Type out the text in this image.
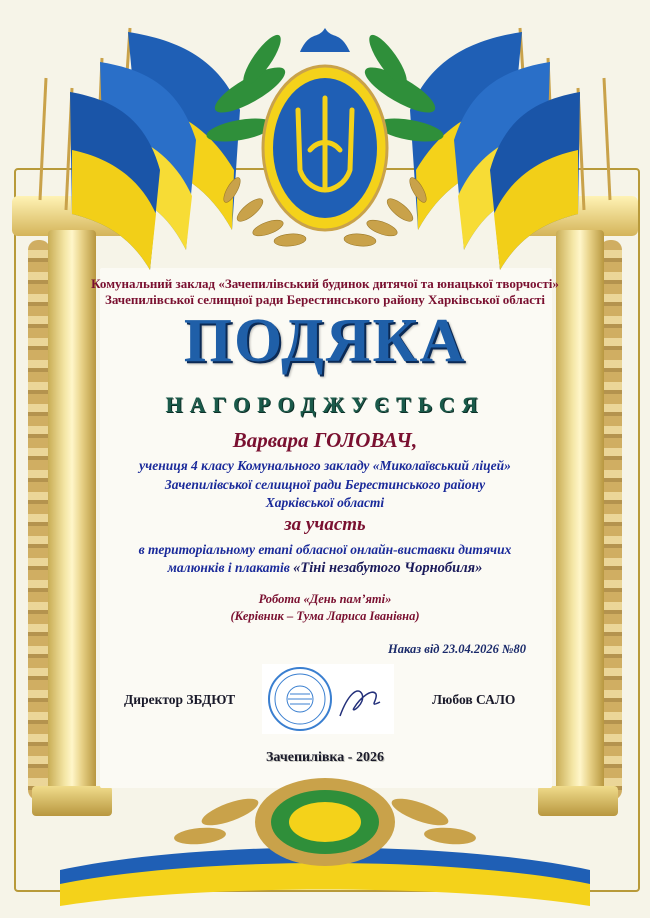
Комунальний заклад «Зачепилівський будинок дитячої та юнацької творчості»

Зачепилівської селищної ради Берестинського району Харківської області

ПОДЯКА

НАГОРОДЖУЄТЬСЯ

Варвара ГОЛОВАЧ,

учениця 4 класу Комунального закладу «Миколаївський ліцей»

Зачепилівської селищної ради Берестинського району

Харківської області

за участь

в територіальному етапі обласної онлайн-виставки дитячих

малюнків і плакатів «Тіні незабутого Чорнобиля»

Робота «День пам’яті»

(Керівник – Тума Лариса Іванівна)

Наказ від 23.04.2026 №80

Директор ЗБДЮТ	Любов САЛО

Зачепилівка - 2026
